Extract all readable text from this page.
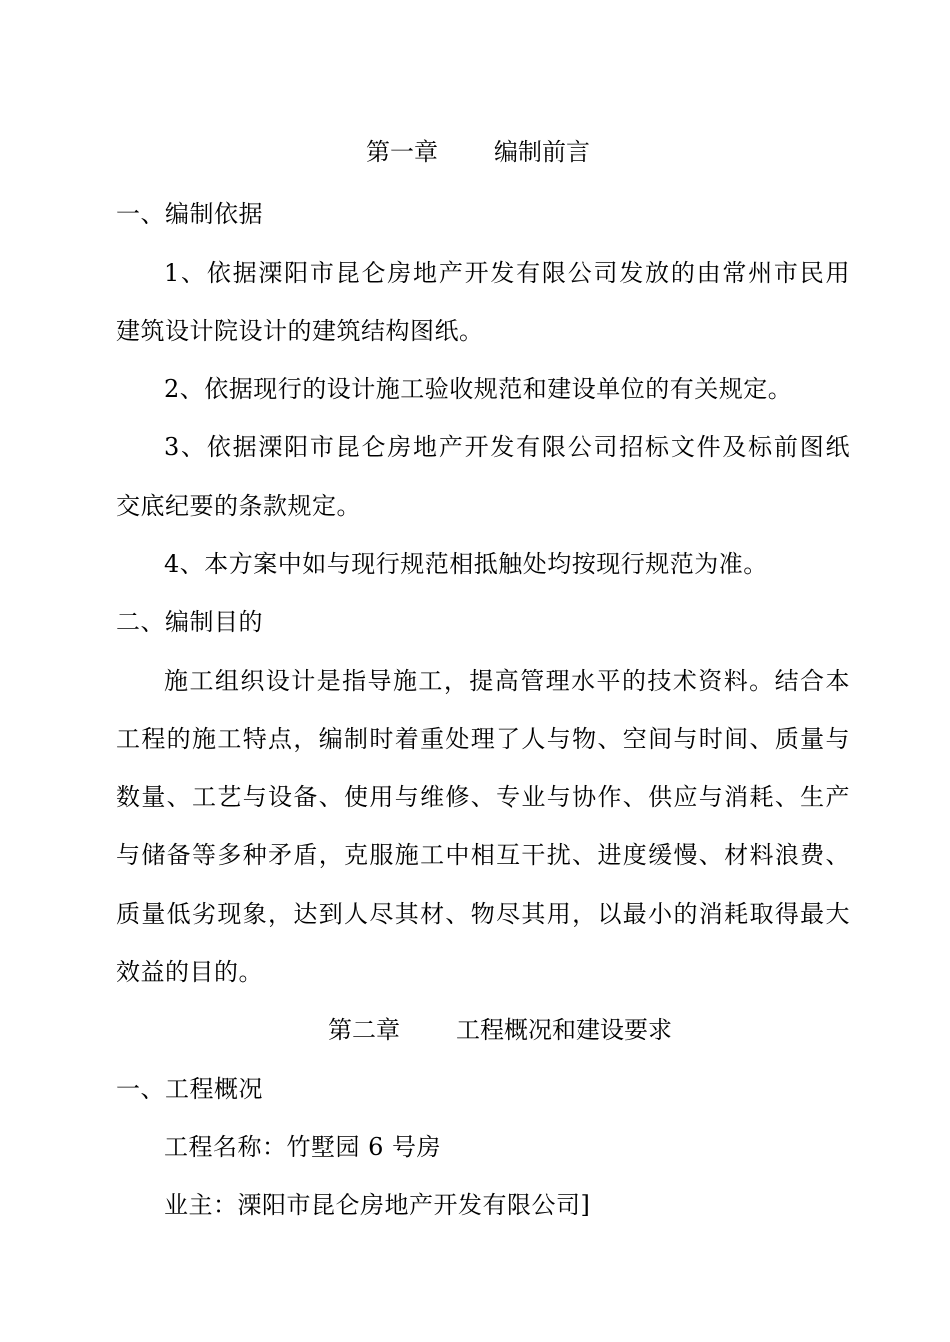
第一章 编制前言
一、编制依据
1、依据溧阳市昆仑房地产开发有限公司发放的由常州市民用
建筑设计院设计的建筑结构图纸。
2、依据现行的设计施工验收规范和建设单位的有关规定。
3、依据溧阳市昆仑房地产开发有限公司招标文件及标前图纸
交底纪要的条款规定。
4、本方案中如与现行规范相抵触处均按现行规范为准。
二、编制目的
施工组织设计是指导施工，提高管理水平的技术资料。结合本
工程的施工特点，编制时着重处理了人与物、空间与时间、质量与
数量、工艺与设备、使用与维修、专业与协作、供应与消耗、生产
与储备等多种矛盾，克服施工中相互干扰、进度缓慢、材料浪费、
质量低劣现象，达到人尽其材、物尽其用，以最小的消耗取得最大
效益的目的。
第二章 工程概况和建设要求
一、工程概况
工程名称：竹墅园 6 号房
业主：溧阳市昆仑房地产开发有限公司]
